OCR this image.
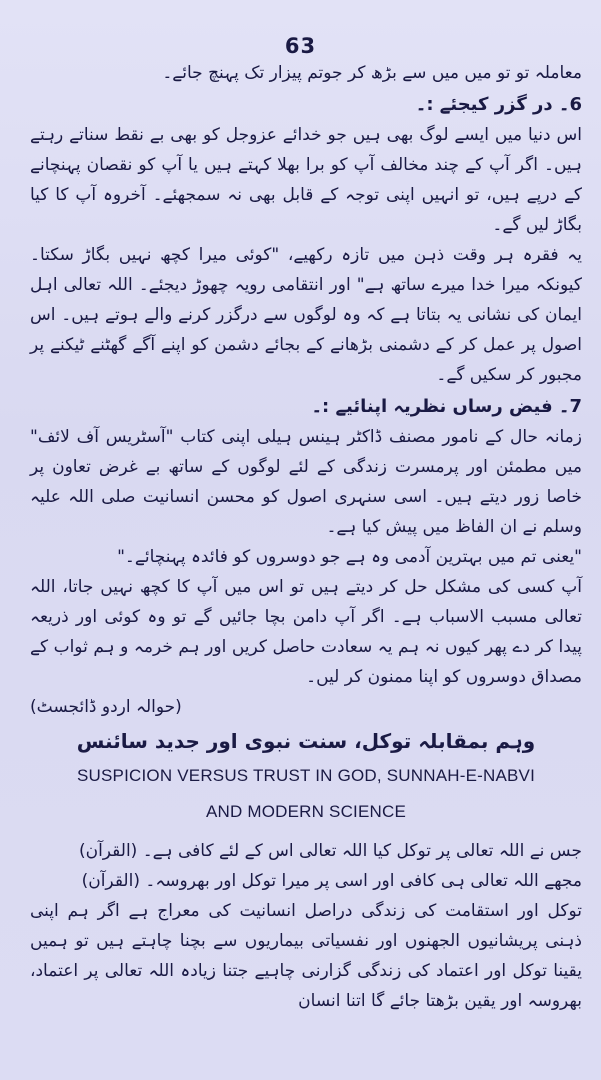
63

معاملہ تو تو میں میں سے بڑھ کر جوتم پیزار تک پہنچ جائے۔

6۔ در گزر کیجئے :۔

اس دنیا میں ایسے لوگ بھی ہیں جو خدائے عزوجل کو بھی بے نقط سناتے رہتے ہیں۔ اگر آپ کے چند مخالف آپ کو برا بھلا کہتے ہیں یا آپ کو نقصان پہنچانے کے درپے ہیں، تو انہیں اپنی توجہ کے قابل بھی نہ سمجھئے۔ آخروہ آپ کا کیا بگاڑ لیں گے۔

یہ فقرہ ہر وقت ذہن میں تازہ رکھیے، "کوئی میرا کچھ نہیں بگاڑ سکتا۔ کیونکہ میرا خدا میرے ساتھ ہے" اور انتقامی رویہ چھوڑ دیجئے۔ اللہ تعالی اہل ایمان کی نشانی یہ بتاتا ہے کہ وہ لوگوں سے درگزر کرنے والے ہوتے ہیں۔ اس اصول پر عمل کر کے دشمنی بڑھانے کے بجائے دشمن کو اپنے آگے گھٹنے ٹیکنے پر مجبور کر سکیں گے۔

7۔ فیض رساں نظریہ اپنائیے :۔

زمانہ حال کے نامور مصنف ڈاکٹر ہینس ہیلی اپنی کتاب "آسٹریس آف لائف" میں مطمئن اور پرمسرت زندگی کے لئے لوگوں کے ساتھ بے غرض تعاون پر خاصا زور دیتے ہیں۔ اسی سنہری اصول کو محسن انسانیت صلی اللہ علیہ وسلم نے ان الفاظ میں پیش کیا ہے۔

"یعنی تم میں بہترین آدمی وہ ہے جو دوسروں کو فائدہ پہنچائے۔"

آپ کسی کی مشکل حل کر دیتے ہیں تو اس میں آپ کا کچھ نہیں جاتا، اللہ تعالی مسبب الاسباب ہے۔ اگر آپ دامن بچا جائیں گے تو وہ کوئی اور ذریعہ پیدا کر دے پھر کیوں نہ ہم یہ سعادت حاصل کریں اور ہم خرمہ و ہم ثواب کے مصداق دوسروں کو اپنا ممنون کر لیں۔

(حوالہ اردو ڈائجسٹ)

وہم بمقابلہ توکل، سنت نبوی اور جدید سائنس

SUSPICION VERSUS TRUST IN GOD, SUNNAH-E-NABVI

AND MODERN SCIENCE

جس نے اللہ تعالی پر توکل کیا اللہ تعالی اس کے لئے کافی ہے۔ (القرآن)

مجھے اللہ تعالی ہی کافی اور اسی پر میرا توکل اور بھروسہ۔ (القرآن)

توکل اور استقامت کی زندگی دراصل انسانیت کی معراج ہے اگر ہم اپنی ذہنی پریشانیوں الجھنوں اور نفسیاتی بیماریوں سے بچنا چاہتے ہیں تو ہمیں یقینا توکل اور اعتماد کی زندگی گزارنی چاہیے جتنا زیادہ اللہ تعالی پر اعتماد، بھروسہ اور یقین بڑھتا جائے گا اتنا انسان
